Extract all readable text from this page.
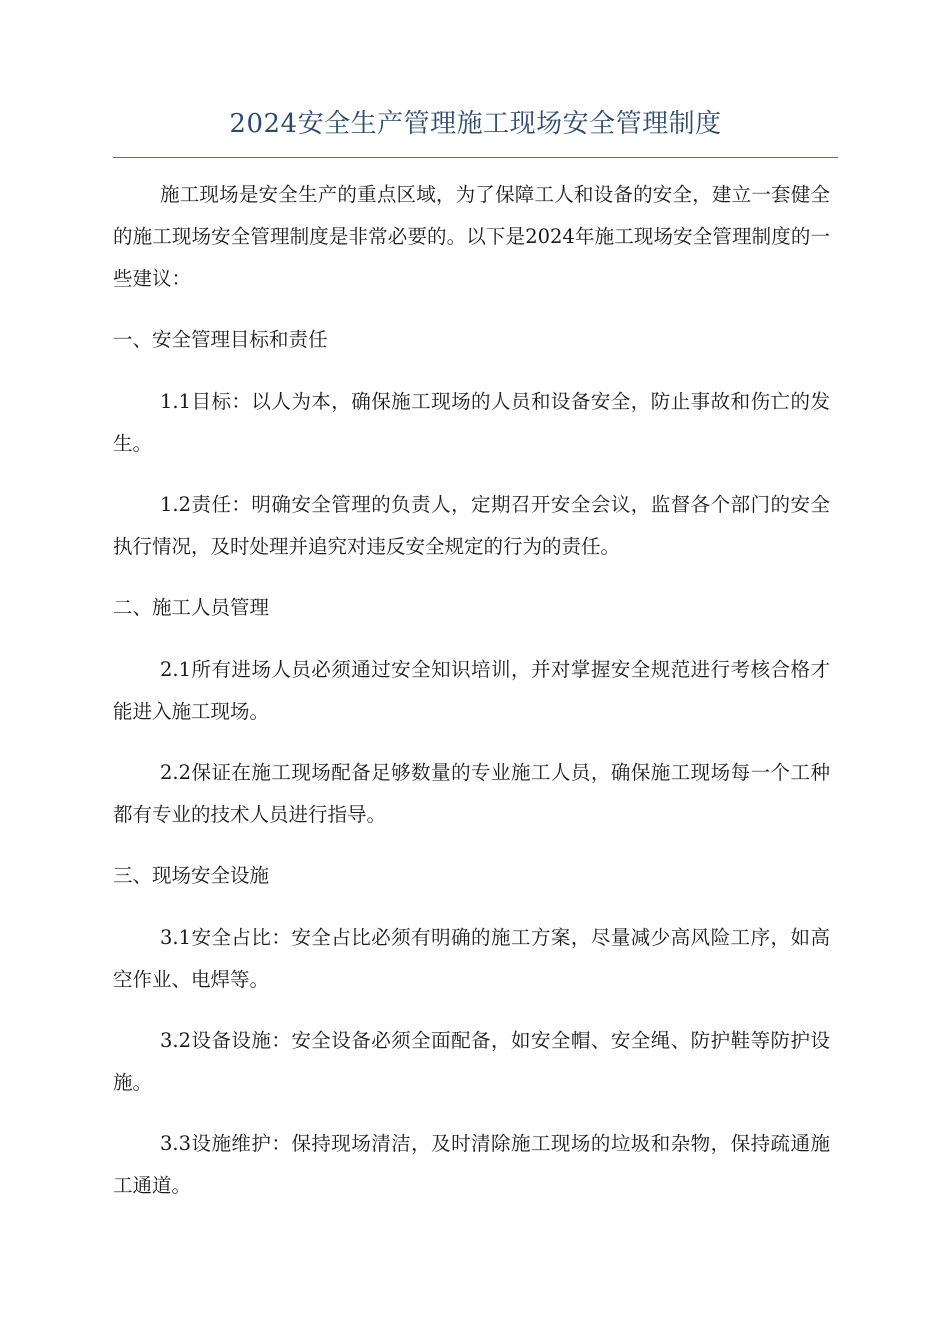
2024安全生产管理施工现场安全管理制度

施工现场是安全生产的重点区域，为了保障工人和设备的安全，建立一套健全的施工现场安全管理制度是非常必要的。以下是2024年施工现场安全管理制度的一些建议：

一、安全管理目标和责任

1.1目标：以人为本，确保施工现场的人员和设备安全，防止事故和伤亡的发生。

1.2责任：明确安全管理的负责人，定期召开安全会议，监督各个部门的安全执行情况，及时处理并追究对违反安全规定的行为的责任。

二、施工人员管理

2.1所有进场人员必须通过安全知识培训，并对掌握安全规范进行考核合格才能进入施工现场。

2.2保证在施工现场配备足够数量的专业施工人员，确保施工现场每一个工种都有专业的技术人员进行指导。

三、现场安全设施

3.1安全占比：安全占比必须有明确的施工方案，尽量减少高风险工序，如高空作业、电焊等。

3.2设备设施：安全设备必须全面配备，如安全帽、安全绳、防护鞋等防护设施。

3.3设施维护：保持现场清洁，及时清除施工现场的垃圾和杂物，保持疏通施工通道。
